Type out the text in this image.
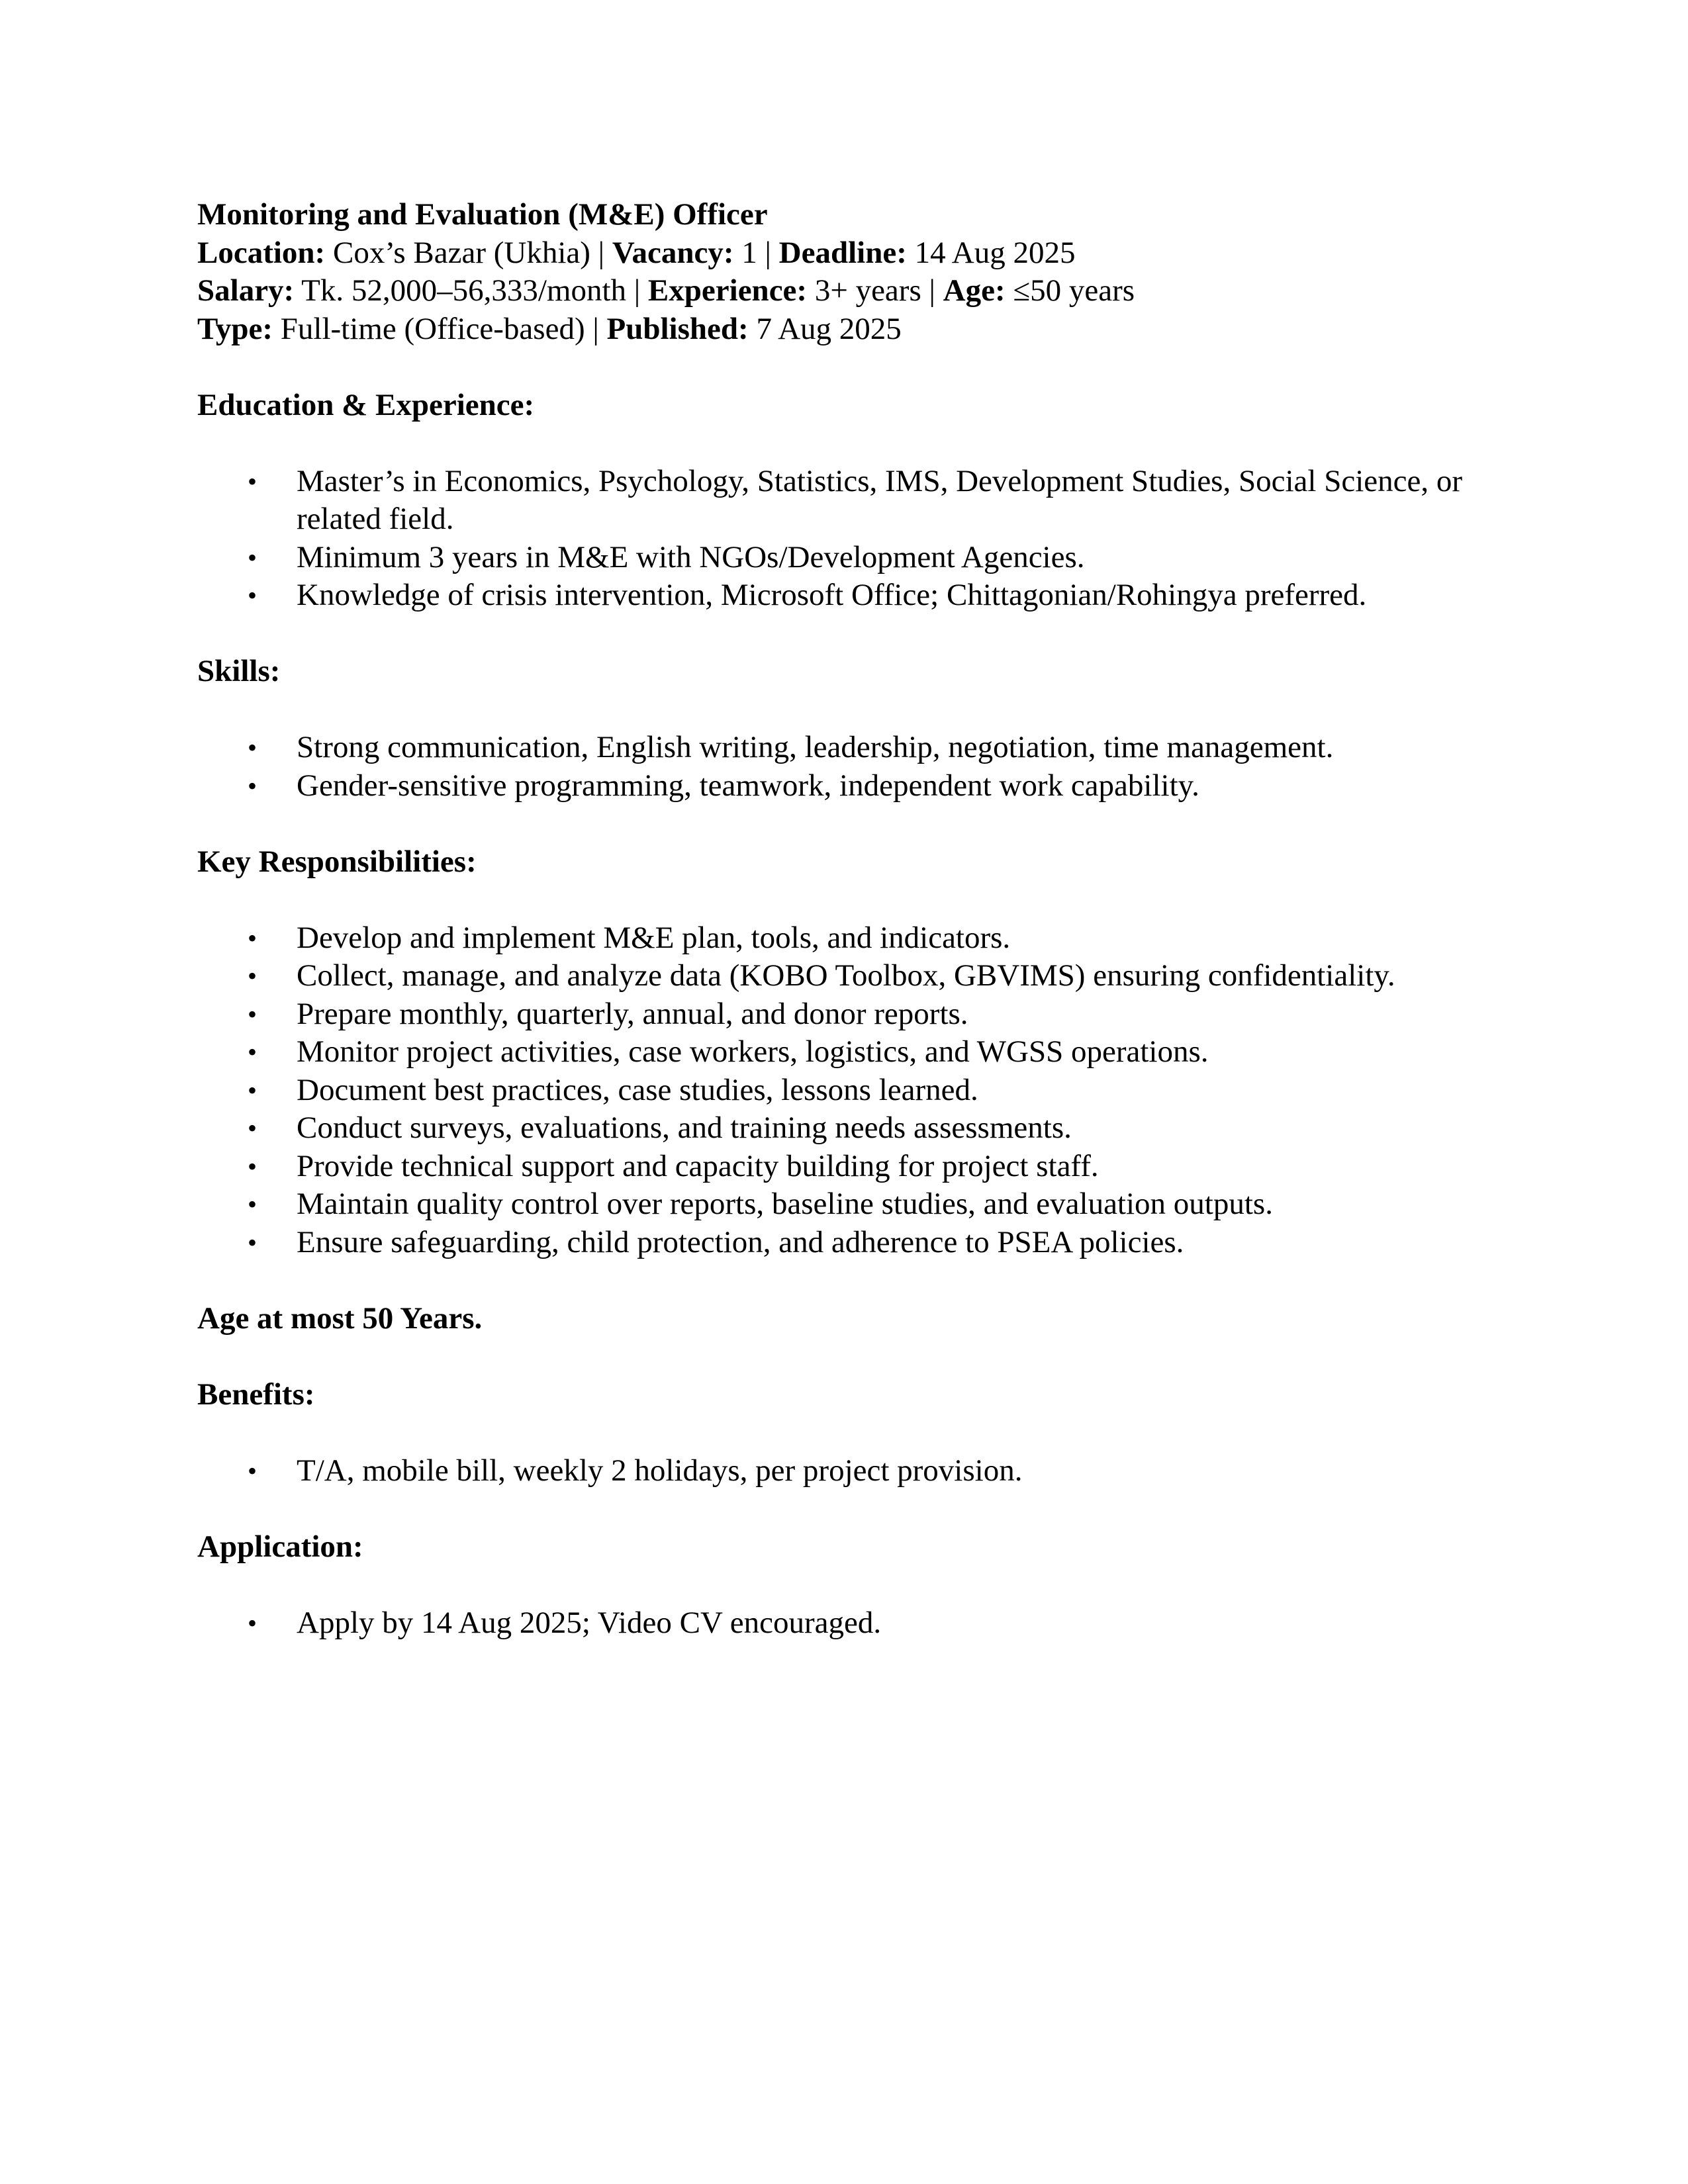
Monitoring and Evaluation (M&E) Officer
Location: Cox’s Bazar (Ukhia) | Vacancy: 1 | Deadline: 14 Aug 2025
Salary: Tk. 52,000–56,333/month | Experience: 3+ years | Age: ≤50 years
Type: Full-time (Office-based) | Published: 7 Aug 2025
Education & Experience:
• Master’s in Economics, Psychology, Statistics, IMS, Development Studies, Social Science, or related field.
• Minimum 3 years in M&E with NGOs/Development Agencies.
• Knowledge of crisis intervention, Microsoft Office; Chittagonian/Rohingya preferred.
Skills:
• Strong communication, English writing, leadership, negotiation, time management.
• Gender-sensitive programming, teamwork, independent work capability.
Key Responsibilities:
• Develop and implement M&E plan, tools, and indicators.
• Collect, manage, and analyze data (KOBO Toolbox, GBVIMS) ensuring confidentiality.
• Prepare monthly, quarterly, annual, and donor reports.
• Monitor project activities, case workers, logistics, and WGSS operations.
• Document best practices, case studies, lessons learned.
• Conduct surveys, evaluations, and training needs assessments.
• Provide technical support and capacity building for project staff.
• Maintain quality control over reports, baseline studies, and evaluation outputs.
• Ensure safeguarding, child protection, and adherence to PSEA policies.
Age at most 50 Years.
Benefits:
• T/A, mobile bill, weekly 2 holidays, per project provision.
Application:
• Apply by 14 Aug 2025; Video CV encouraged.
